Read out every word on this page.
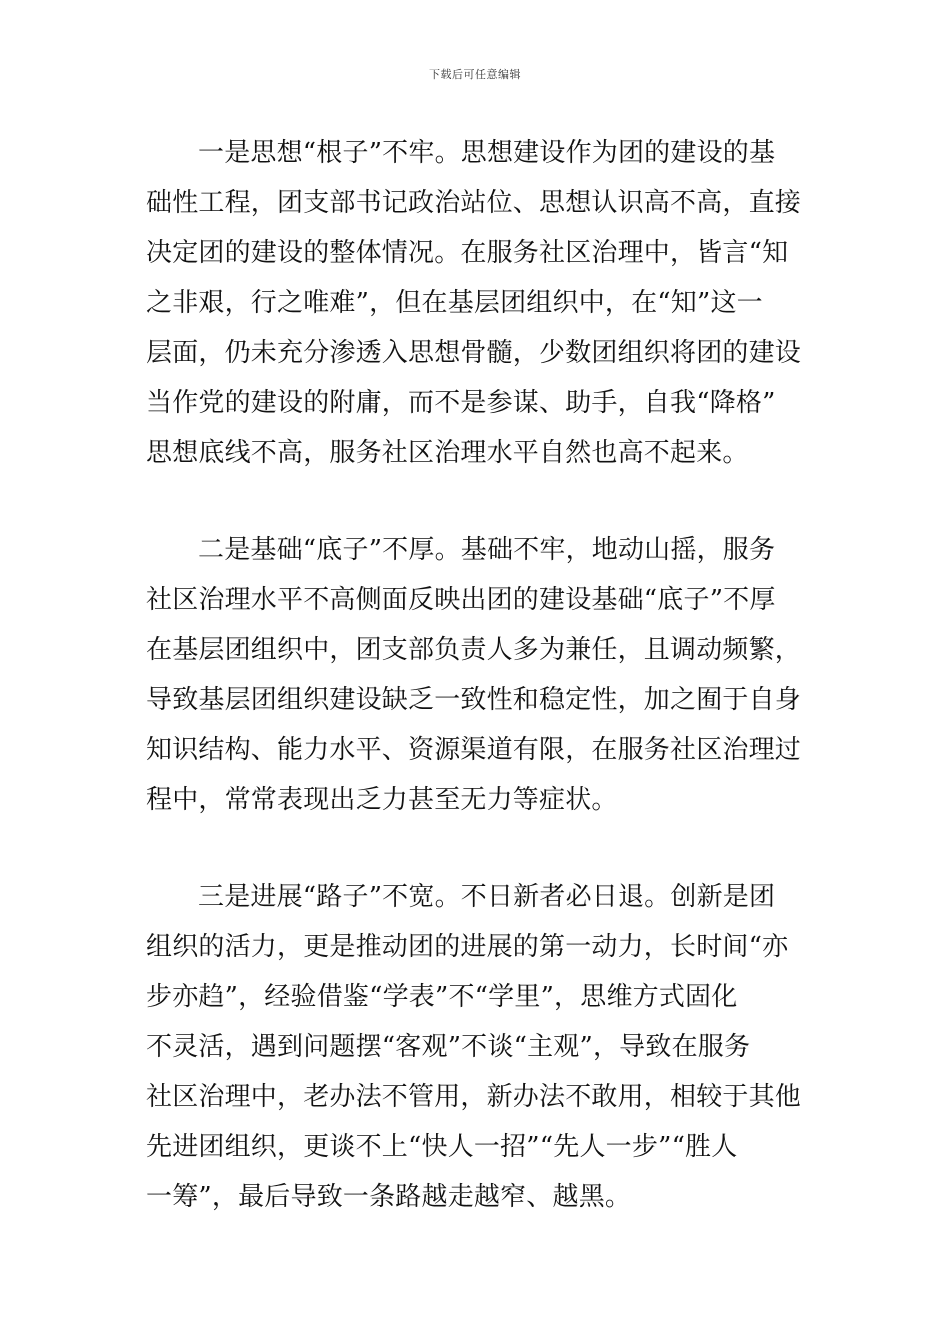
下载后可任意编辑
一是思想“根子”不牢。思想建设作为团的建设的基
础性工程，团支部书记政治站位、思想认识高不高，直接
决定团的建设的整体情况。在服务社区治理中，皆言“知
之非艰，行之唯难”，但在基层团组织中，在“知”这一
层面，仍未充分渗透入思想骨髓，少数团组织将团的建设
当作党的建设的附庸，而不是参谋、助手，自我“降格”
思想底线不高，服务社区治理水平自然也高不起来。
二是基础“底子”不厚。基础不牢，地动山摇，服务
社区治理水平不高侧面反映出团的建设基础“底子”不厚
在基层团组织中，团支部负责人多为兼任，且调动频繁，
导致基层团组织建设缺乏一致性和稳定性，加之囿于自身
知识结构、能力水平、资源渠道有限，在服务社区治理过
程中，常常表现出乏力甚至无力等症状。
三是进展“路子”不宽。不日新者必日退。创新是团
组织的活力，更是推动团的进展的第一动力，长时间“亦
步亦趋”，经验借鉴“学表”不“学里”，思维方式固化
不灵活，遇到问题摆“客观”不谈“主观”，导致在服务
社区治理中，老办法不管用，新办法不敢用，相较于其他
先进团组织，更谈不上“快人一招”“先人一步”“胜人
一筹”，最后导致一条路越走越窄、越黑。
